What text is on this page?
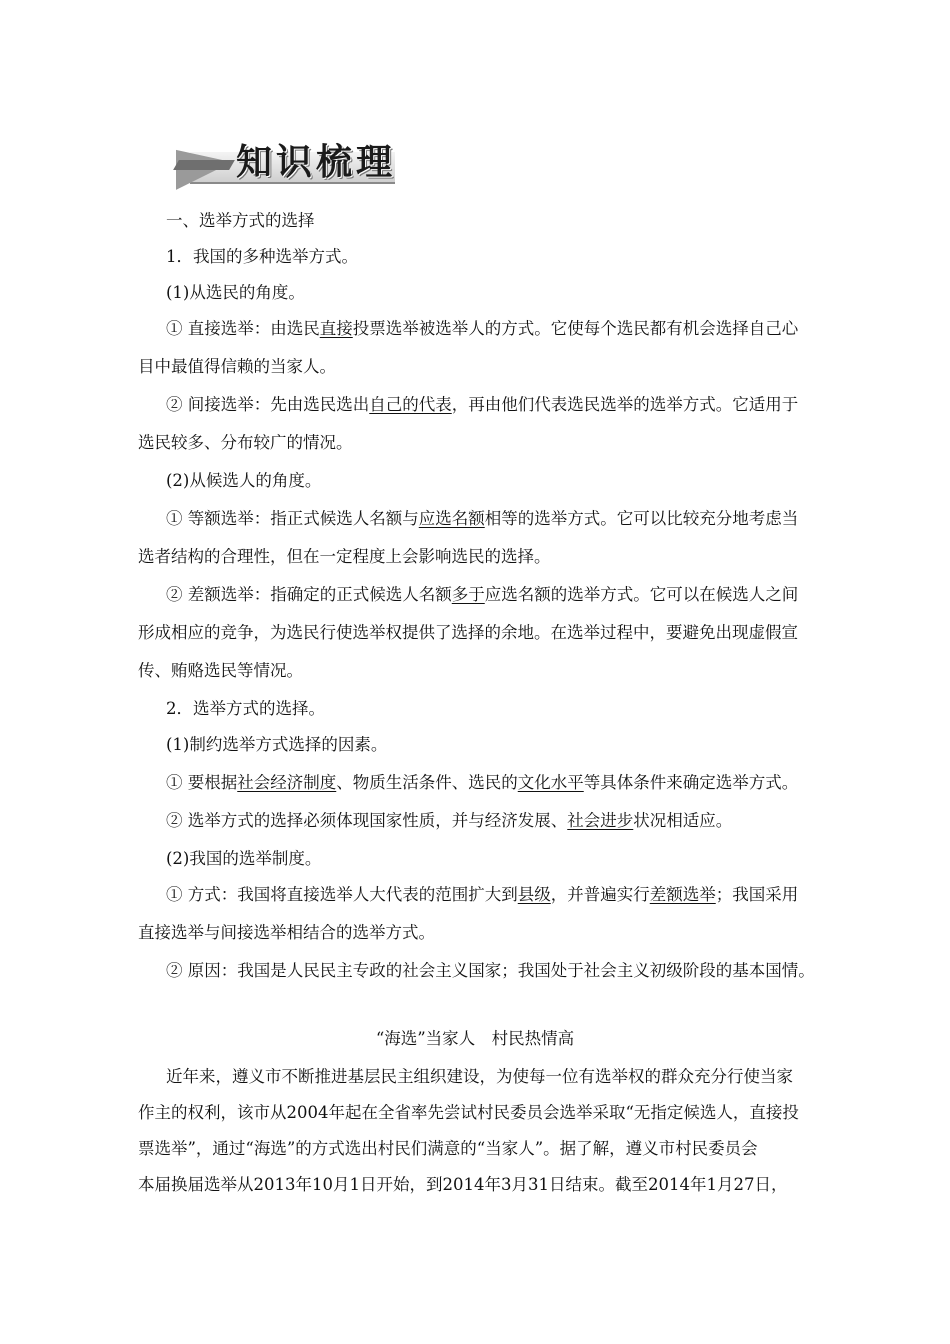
知识梳理
一、选举方式的选择
1．我国的多种选举方式。
(1)从选民的角度。
① 直接选举：由选民直接投票选举被选举人的方式。它使每个选民都有机会选择自己心
目中最值得信赖的当家人。
② 间接选举：先由选民选出自己的代表，再由他们代表选民选举的选举方式。它适用于
选民较多、分布较广的情况。
(2)从候选人的角度。
① 等额选举：指正式候选人名额与应选名额相等的选举方式。它可以比较充分地考虑当
选者结构的合理性，但在一定程度上会影响选民的选择。
② 差额选举：指确定的正式候选人名额多于应选名额的选举方式。它可以在候选人之间
形成相应的竞争，为选民行使选举权提供了选择的余地。在选举过程中，要避免出现虚假宣
传、贿赂选民等情况。
2．选举方式的选择。
(1)制约选举方式选择的因素。
① 要根据社会经济制度、物质生活条件、选民的文化水平等具体条件来确定选举方式。
② 选举方式的选择必须体现国家性质，并与经济发展、社会进步状况相适应。
(2)我国的选举制度。
① 方式：我国将直接选举人大代表的范围扩大到县级，并普遍实行差额选举；我国采用
直接选举与间接选举相结合的选举方式。
② 原因：我国是人民民主专政的社会主义国家；我国处于社会主义初级阶段的基本国情。
“海选”当家人　村民热情高
近年来，遵义市不断推进基层民主组织建设，为使每一位有选举权的群众充分行使当家
作主的权利，该市从2004年起在全省率先尝试村民委员会选举采取“无指定候选人，直接投
票选举”，通过“海选”的方式选出村民们满意的“当家人”。据了解，遵义市村民委员会
本届换届选举从2013年10月1日开始，到2014年3月31日结束。截至2014年1月27日，
